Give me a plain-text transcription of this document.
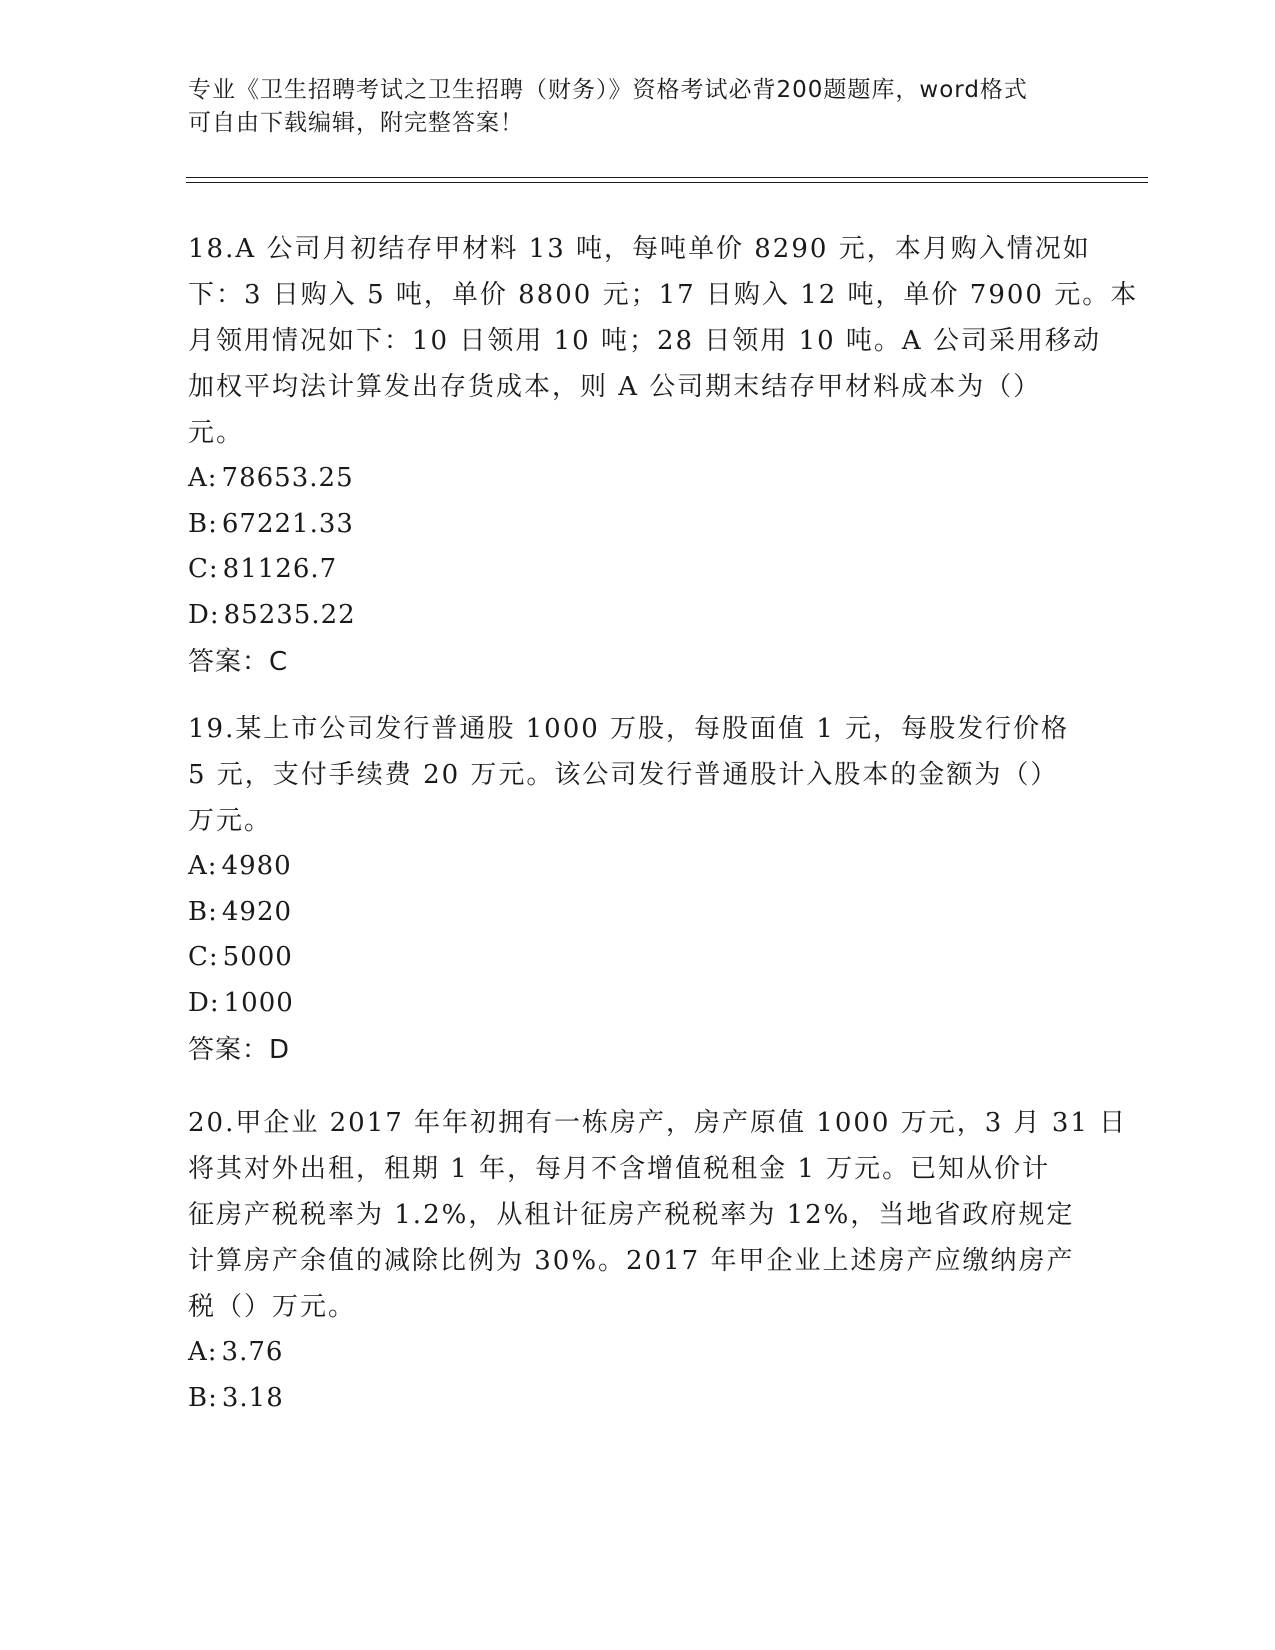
专业《卫生招聘考试之卫生招聘（财务）》资格考试必背200题题库，word格式
可自由下载编辑，附完整答案！
18.A 公司月初结存甲材料 13 吨，每吨单价 8290 元，本月购入情况如
下：3 日购入 5 吨，单价 8800 元；17 日购入 12 吨，单价 7900 元。本
月领用情况如下：10 日领用 10 吨；28 日领用 10 吨。A 公司采用移动
加权平均法计算发出存货成本，则 A 公司期末结存甲材料成本为（）
元。
A: 78653.25
B: 67221.33
C: 81126.7
D: 85235.22
答案：C
19.某上市公司发行普通股 1000 万股，每股面值 1 元，每股发行价格
5 元，支付手续费 20 万元。该公司发行普通股计入股本的金额为（）
万元。
A: 4980
B: 4920
C: 5000
D: 1000
答案：D
20.甲企业 2017 年年初拥有一栋房产，房产原值 1000 万元，3 月 31 日
将其对外出租，租期 1 年，每月不含增值税租金 1 万元。已知从价计
征房产税税率为 1.2%，从租计征房产税税率为 12%，当地省政府规定
计算房产余值的减除比例为 30%。2017 年甲企业上述房产应缴纳房产
税（）万元。
A: 3.76
B: 3.18
